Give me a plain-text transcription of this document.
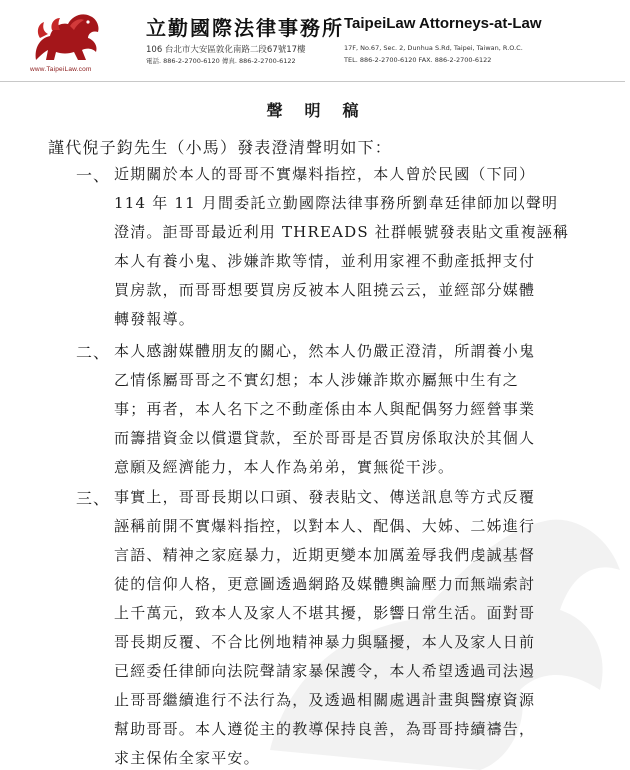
www.TaipeiLaw.com
立勤國際法律事務所 TaipeiLaw Attorneys-at-Law
106 台北市大安區敦化南路二段67號17樓
電話. 886-2-2700-6120 傳真. 886-2-2700-6122
17F, No.67, Sec. 2, Dunhua S.Rd, Taipei, Taiwan, R.O.C.
TEL. 886-2-2700-6120 FAX. 886-2-2700-6122
聲明稿
謹代倪子鈞先生（小馬）發表澄清聲明如下：
一、 近期關於本人的哥哥不實爆料指控，本人曾於民國（下同）
114 年 11 月間委託立勤國際法律事務所劉韋廷律師加以聲明
澄清。詎哥哥最近利用 THREADS 社群帳號發表貼文重複誣稱
本人有養小鬼、涉嫌詐欺等情，並利用家裡不動產抵押支付
買房款，而哥哥想要買房反被本人阻撓云云，並經部分媒體
轉發報導。
二、 本人感謝媒體朋友的關心，然本人仍嚴正澄清，所謂養小鬼
乙情係屬哥哥之不實幻想；本人涉嫌詐欺亦屬無中生有之
事；再者，本人名下之不動產係由本人與配偶努力經營事業
而籌措資金以償還貸款，至於哥哥是否買房係取決於其個人
意願及經濟能力，本人作為弟弟，實無從干涉。
三、 事實上，哥哥長期以口頭、發表貼文、傳送訊息等方式反覆
誣稱前開不實爆料指控，以對本人、配偶、大姊、二姊進行
言語、精神之家庭暴力，近期更變本加厲羞辱我們虔誠基督
徒的信仰人格，更意圖透過網路及媒體輿論壓力而無端索討
上千萬元，致本人及家人不堪其擾，影響日常生活。面對哥
哥長期反覆、不合比例地精神暴力與騷擾，本人及家人日前
已經委任律師向法院聲請家暴保護令，本人希望透過司法遏
止哥哥繼續進行不法行為，及透過相關處遇計畫與醫療資源
幫助哥哥。本人遵從主的教導保持良善，為哥哥持續禱告，
求主保佑全家平安。
